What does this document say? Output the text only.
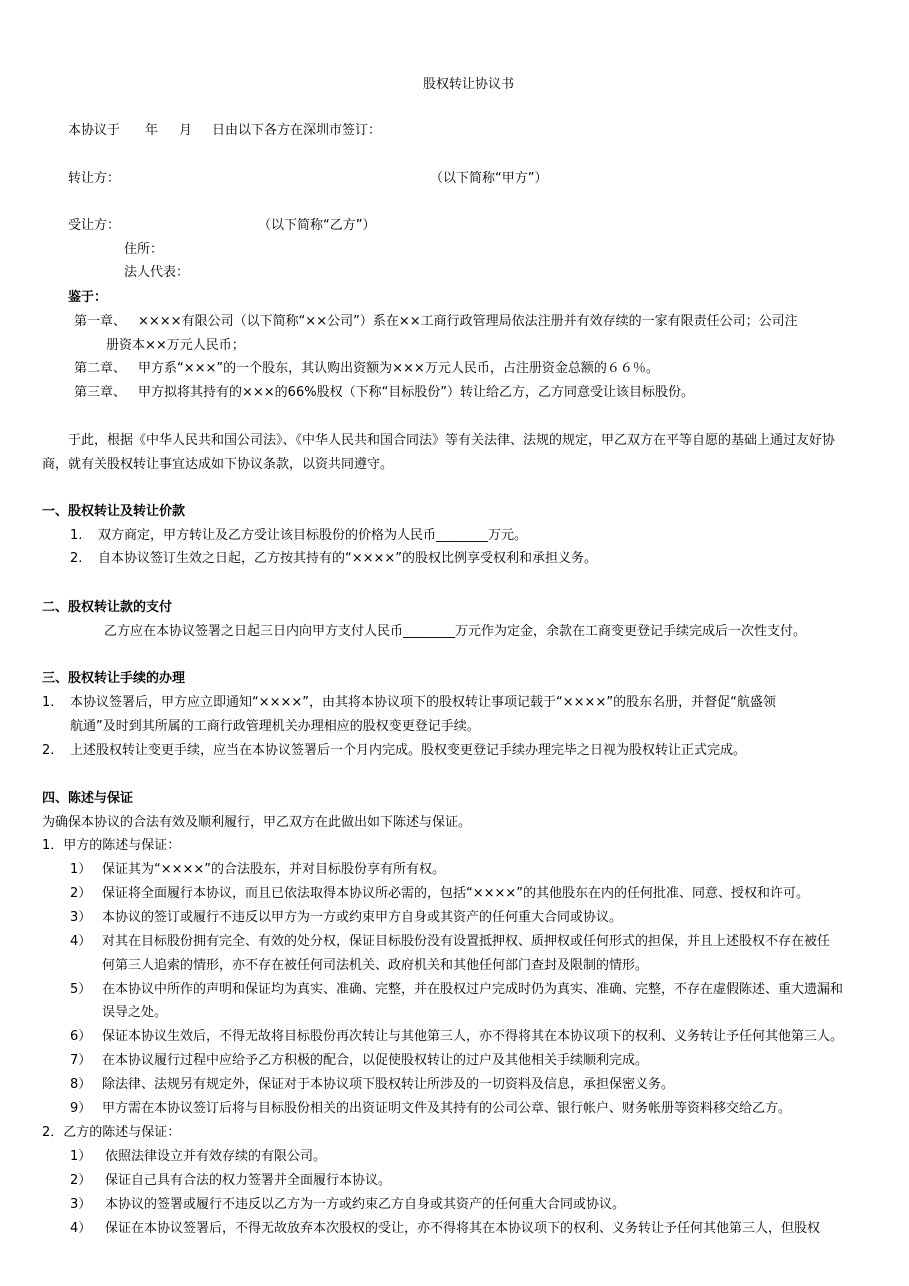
股权转让协议书
本协议于 年 月 日由以下各方在深圳市签订：
转让方：	（以下简称“甲方”）
受让方：	（以下简称“乙方”）
住所：
法人代表：
鉴于：
第一章、 ××××有限公司（以下简称“××公司”）系在××工商行政管理局依法注册并有效存续的一家有限责任公司；公司注
册资本××万元人民币；
第二章、 甲方系“×××”的一个股东，其认购出资额为×××万元人民币，占注册资金总额的６６％。
第三章、 甲方拟将其持有的×××的66%股权（下称“目标股份”）转让给乙方，乙方同意受让该目标股份。
于此，根据《中华人民共和国公司法》、《中华人民共和国合同法》等有关法律、法规的规定，甲乙双方在平等自愿的基础上通过友好协
商，就有关股权转让事宜达成如下协议条款，以资共同遵守。
一、股权转让及转让价款
1. 双方商定，甲方转让及乙方受让该目标股份的价格为人民币________万元。
2. 自本协议签订生效之日起，乙方按其持有的“××××”的股权比例享受权利和承担义务。
二、股权转让款的支付
乙方应在本协议签署之日起三日内向甲方支付人民币________万元作为定金，余款在工商变更登记手续完成后一次性支付。
三、股权转让手续的办理
1. 本协议签署后，甲方应立即通知“××××”，由其将本协议项下的股权转让事项记载于“××××”的股东名册，并督促“航盛领
航通”及时到其所属的工商行政管理机关办理相应的股权变更登记手续。
2. 上述股权转让变更手续，应当在本协议签署后一个月内完成。股权变更登记手续办理完毕之日视为股权转让正式完成。
四、陈述与保证
为确保本协议的合法有效及顺利履行，甲乙双方在此做出如下陈述与保证。
1．甲方的陈述与保证：
1） 保证其为“××××”的合法股东，并对目标股份享有所有权。
2） 保证将全面履行本协议，而且已依法取得本协议所必需的，包括“××××”的其他股东在内的任何批准、同意、授权和许可。
3） 本协议的签订或履行不违反以甲方为一方或约束甲方自身或其资产的任何重大合同或协议。
4） 对其在目标股份拥有完全、有效的处分权，保证目标股份没有设置抵押权、质押权或任何形式的担保，并且上述股权不存在被任
何第三人追索的情形，亦不存在被任何司法机关、政府机关和其他任何部门查封及限制的情形。
5） 在本协议中所作的声明和保证均为真实、准确、完整，并在股权过户完成时仍为真实、准确、完整，不存在虚假陈述、重大遗漏和
误导之处。
6） 保证本协议生效后，不得无故将目标股份再次转让与其他第三人，亦不得将其在本协议项下的权利、义务转让予任何其他第三人。
7） 在本协议履行过程中应给予乙方积极的配合，以促使股权转让的过户及其他相关手续顺利完成。
8） 除法律、法规另有规定外，保证对于本协议项下股权转让所涉及的一切资料及信息，承担保密义务。
9） 甲方需在本协议签订后将与目标股份相关的出资证明文件及其持有的公司公章、银行帐户、财务帐册等资料移交给乙方。
2．乙方的陈述与保证：
1） 依照法律设立并有效存续的有限公司。
2） 保证自己具有合法的权力签署并全面履行本协议。
3） 本协议的签署或履行不违反以乙方为一方或约束乙方自身或其资产的任何重大合同或协议。
4） 保证在本协议签署后，不得无故放弃本次股权的受让，亦不得将其在本协议项下的权利、义务转让予任何其他第三人，但股权
